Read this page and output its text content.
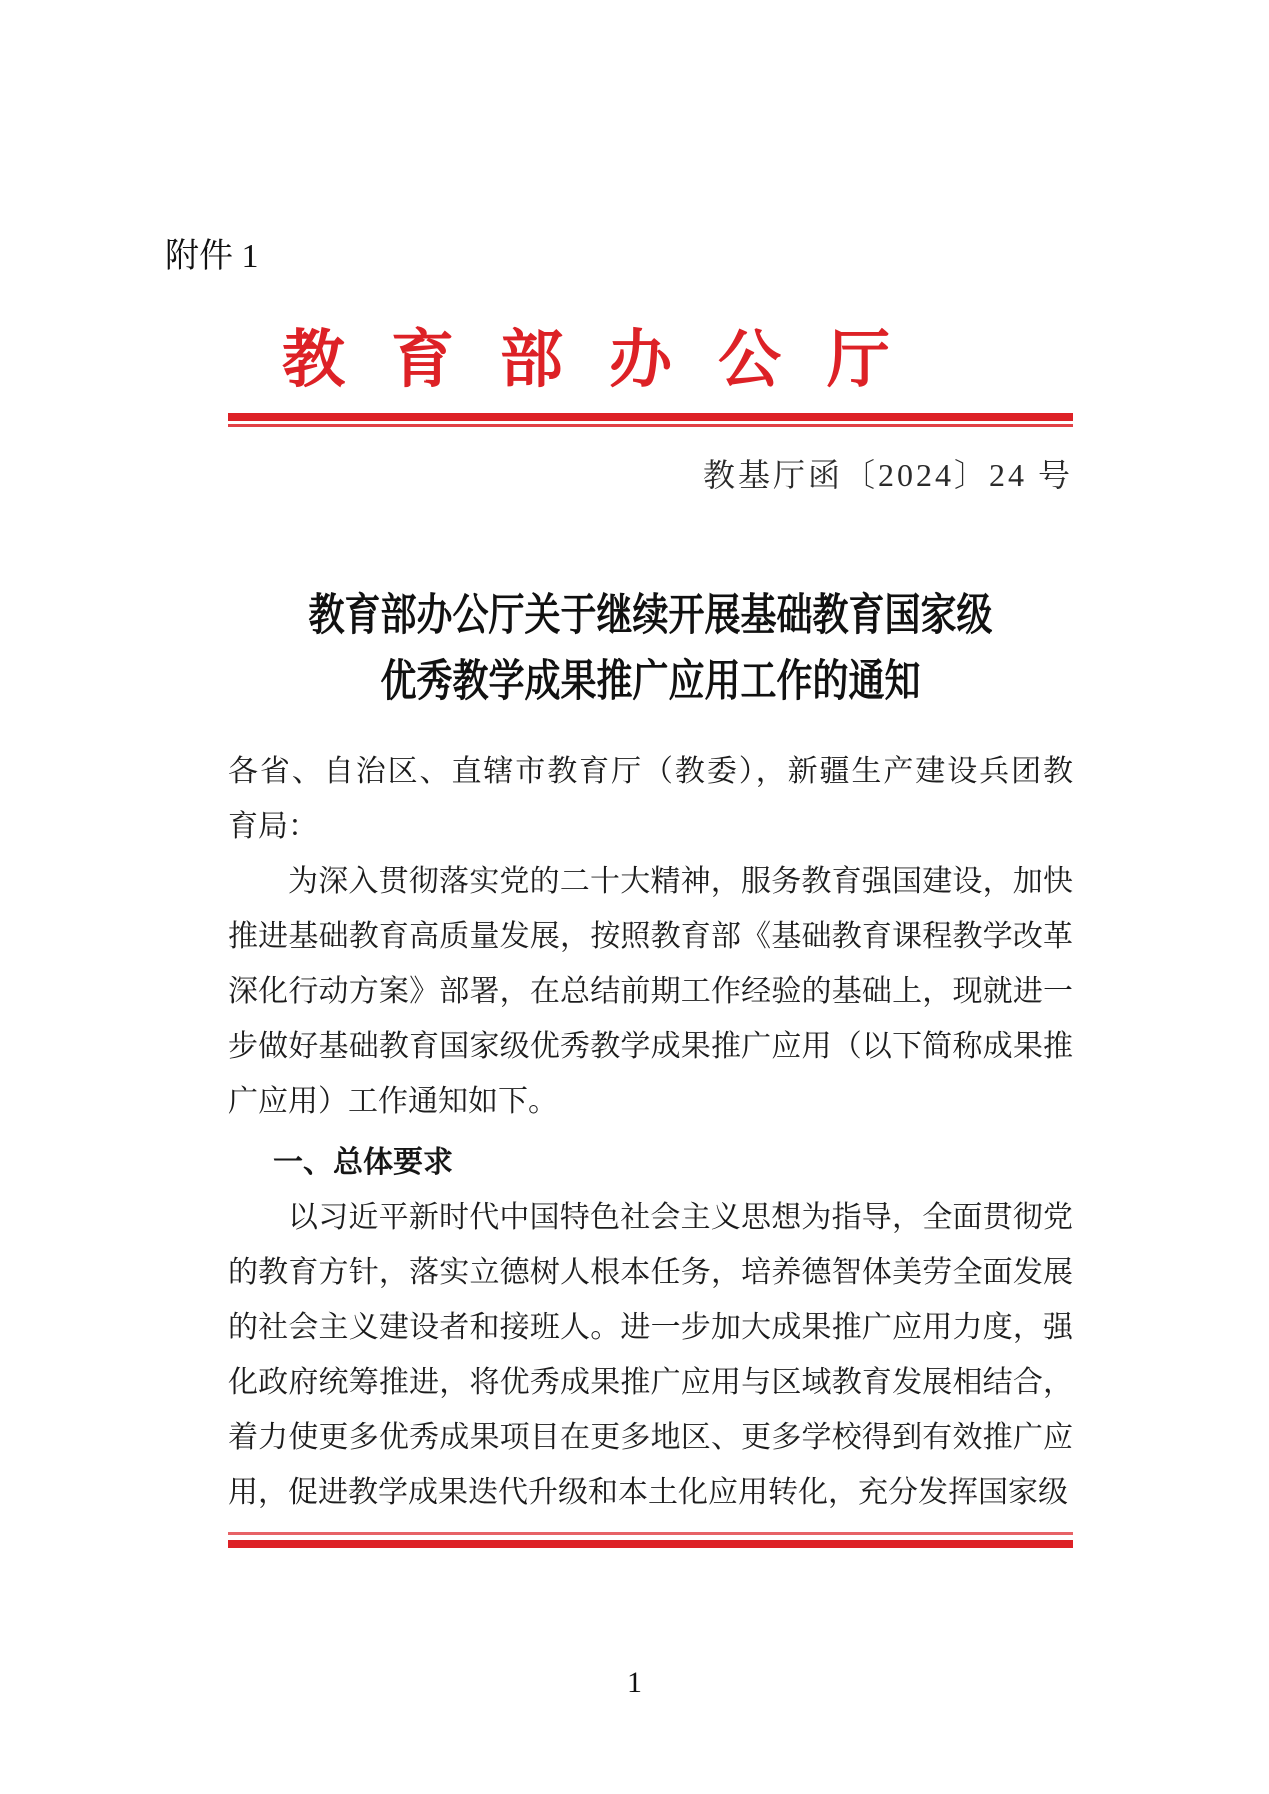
附件 1
教育部办公厅
教基厅函〔2024〕24 号
教育部办公厅关于继续开展基础教育国家级
优秀教学成果推广应用工作的通知

各省、自治区、直辖市教育厅（教委），新疆生产建设兵团教

育局：

为深入贯彻落实党的二十大精神，服务教育强国建设，加快推进基础教育高质量发展，按照教育部《基础教育课程教学改革深化行动方案》部署，在总结前期工作经验的基础上，现就进一步做好基础教育国家级优秀教学成果推广应用（以下简称成果推广应用）工作通知如下。

一、总体要求

以习近平新时代中国特色社会主义思想为指导，全面贯彻党的教育方针，落实立德树人根本任务，培养德智体美劳全面发展的社会主义建设者和接班人。进一步加大成果推广应用力度，强化政府统筹推进，将优秀成果推广应用与区域教育发展相结合，着力使更多优秀成果项目在更多地区、更多学校得到有效推广应用，促进教学成果迭代升级和本土化应用转化，充分发挥国家级

1
